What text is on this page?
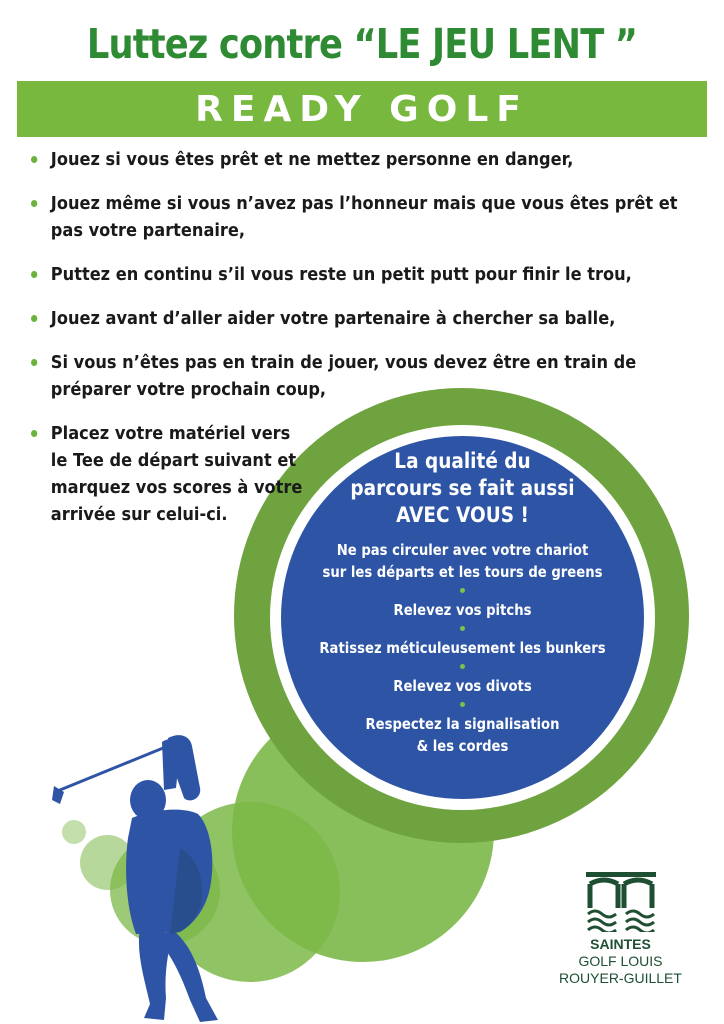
Luttez contre “LE JEU LENT ”
READY GOLF
Jouez si vous êtes prêt et ne mettez personne en danger,
Jouez même si vous n’avez pas l’honneur mais que vous êtes prêt et pas votre partenaire,
Puttez en continu s’il vous reste un petit putt pour finir le trou,
Jouez avant d’aller aider votre partenaire à chercher sa balle,
Si vous n’êtes pas en train de jouer, vous devez être en train de préparer votre prochain coup,
Placez votre matériel vers le Tee de départ suivant et marquez vos scores à votre arrivée sur celui-ci.
La qualité du
parcours se fait aussi
AVEC VOUS !
Ne pas circuler avec votre chariot
sur les départs et les tours de greens
Relevez vos pitchs
Ratissez méticuleusement les bunkers
Relevez vos divots
Respectez la signalisation
& les cordes
SAINTES
GOLF LOUIS
ROUYER-GUILLET
